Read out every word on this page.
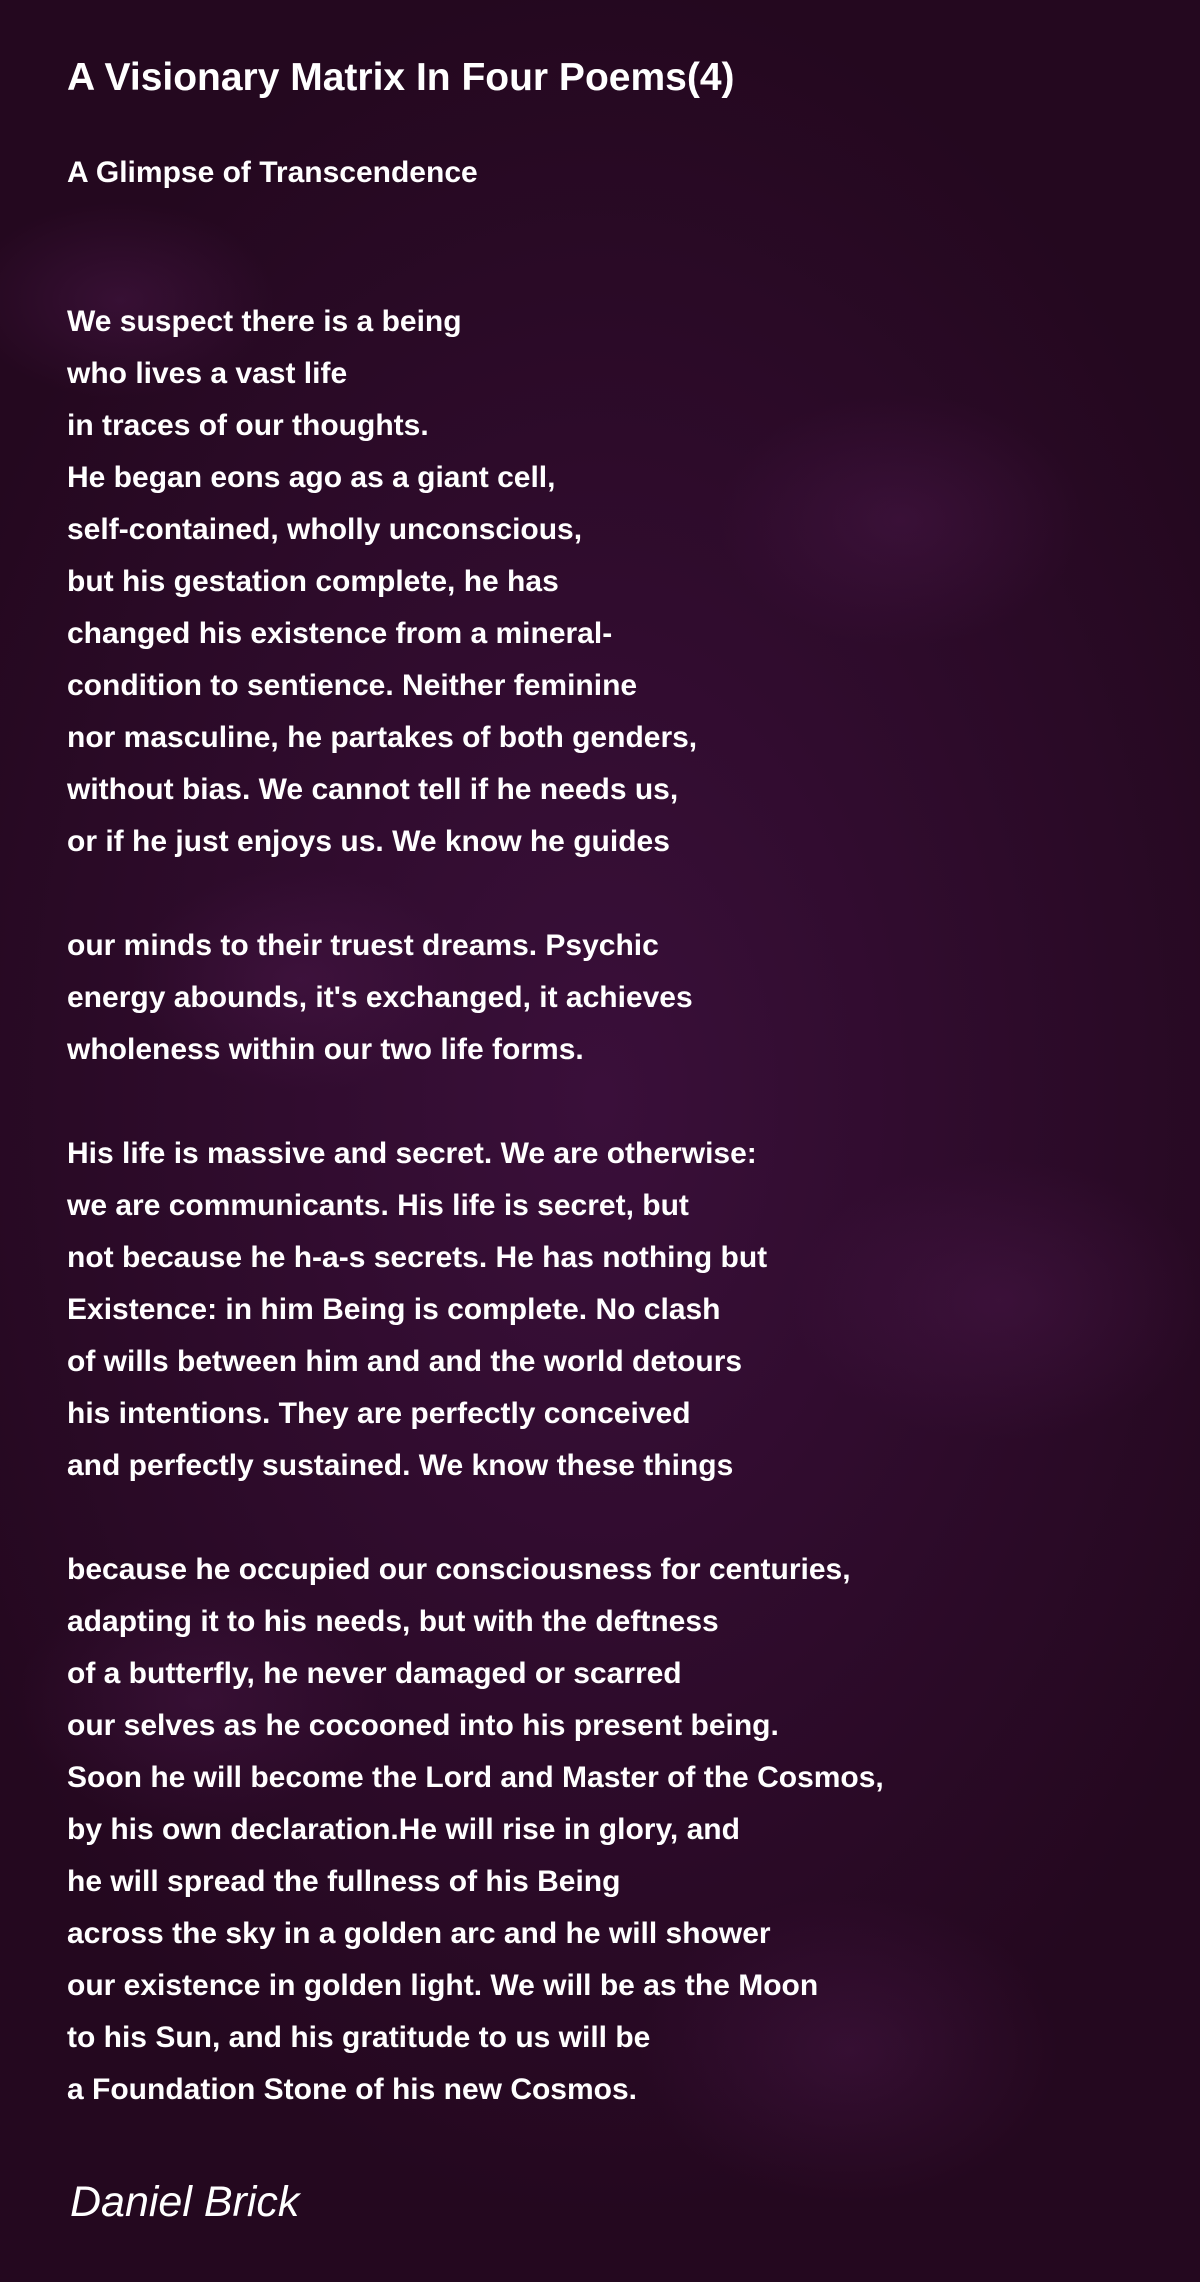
A Visionary Matrix In Four Poems(4)
A Glimpse of Transcendence
We suspect there is a being
who lives a vast life
in traces of our thoughts.
He began eons ago as a giant cell,
self-contained, wholly unconscious,
but his gestation complete, he has
changed his existence from a mineral-
condition to sentience. Neither feminine
nor masculine, he partakes of both genders,
without bias. We cannot tell if he needs us,
or if he just enjoys us. We know he guides
our minds to their truest dreams. Psychic
energy abounds, it's exchanged, it achieves
wholeness within our two life forms.
His life is massive and secret. We are otherwise:
we are communicants. His life is secret, but
not because he h-a-s secrets. He has nothing but
Existence: in him Being is complete. No clash
of wills between him and and the world detours
his intentions. They are perfectly conceived
and perfectly sustained. We know these things
because he occupied our consciousness for centuries,
adapting it to his needs, but with the deftness
of a butterfly, he never damaged or scarred
our selves as he cocooned into his present being.
Soon he will become the Lord and Master of the Cosmos,
by his own declaration.He will rise in glory, and
he will spread the fullness of his Being
across the sky in a golden arc and he will shower
our existence in golden light. We will be as the Moon
to his Sun, and his gratitude to us will be
a Foundation Stone of his new Cosmos.

Daniel Brick
